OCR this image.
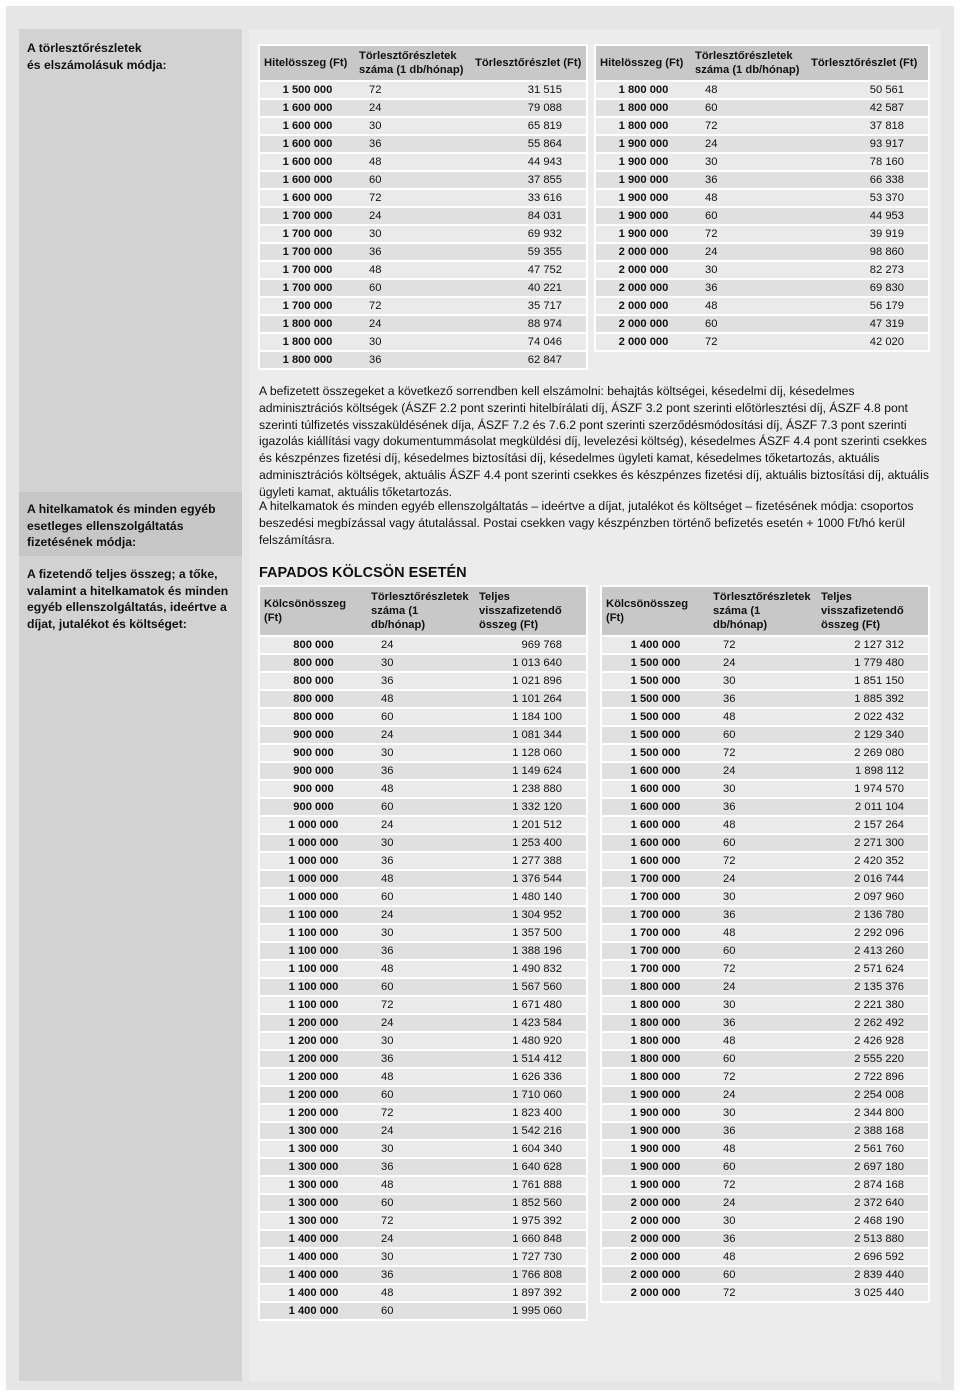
A törlesztőrészletek
és elszámolásuk módja:
A hitelkamatok és minden egyéb esetleges ellenszolgáltatás fizetésének módja:
A fizetendő teljes összeg; a tőke, valamint a hitelkamatok és minden egyéb ellenszolgáltatás, ideértve a díjat, jutalékot és költséget:
Hitelösszeg (Ft)	Törlesztőrészletek száma (1 db/hónap)	Törlesztőrészlet (Ft)
1 500 000	72	31 515
1 600 000	24	79 088
1 600 000	30	65 819
1 600 000	36	55 864
1 600 000	48	44 943
1 600 000	60	37 855
1 600 000	72	33 616
1 700 000	24	84 031
1 700 000	30	69 932
1 700 000	36	59 355
1 700 000	48	47 752
1 700 000	60	40 221
1 700 000	72	35 717
1 800 000	24	88 974
1 800 000	30	74 046
1 800 000	36	62 847
Hitelösszeg (Ft)	Törlesztőrészletek száma (1 db/hónap)	Törlesztőrészlet (Ft)
1 800 000	48	50 561
1 800 000	60	42 587
1 800 000	72	37 818
1 900 000	24	93 917
1 900 000	30	78 160
1 900 000	36	66 338
1 900 000	48	53 370
1 900 000	60	44 953
1 900 000	72	39 919
2 000 000	24	98 860
2 000 000	30	82 273
2 000 000	36	69 830
2 000 000	48	56 179
2 000 000	60	47 319
2 000 000	72	42 020
A befizetett összegeket a következő sorrendben kell elszámolni: behajtás költségei, késedelmi díj, késedelmes adminisztrációs költségek (ÁSZF 2.2 pont szerinti hitelbírálati díj, ÁSZF 3.2 pont szerinti előtörlesztési díj, ÁSZF 4.8 pont szerinti túlfizetés visszaküldésének díja, ÁSZF 7.2 és 7.6.2 pont szerinti szerződésmódosítási díj, ÁSZF 7.3 pont szerinti igazolás kiállítási vagy dokumentummásolat megküldési díj, levelezési költség), késedelmes ÁSZF 4.4 pont szerinti csekkes és készpénzes fizetési díj, késedelmes biztosítási díj, késedelmes ügyleti kamat, késedelmes tőketartozás, aktuális adminisztrációs költségek, aktuális ÁSZF 4.4 pont szerinti csekkes és készpénzes fizetési díj, aktuális biztosítási díj, aktuális ügyleti kamat, aktuális tőketartozás.
A hitelkamatok és minden egyéb ellenszolgáltatás – ideértve a díjat, jutalékot és költséget – fizetésének módja: csoportos beszedési megbízással vagy átutalással. Postai csekken vagy készpénzben történő befizetés esetén + 1000 Ft/hó kerül felszámításra.
FAPADOS KÖLCSÖN ESETÉN
Kölcsönösszeg (Ft)	Törlesztőrészletek száma (1 db/hónap)	Teljes visszafizetendő összeg (Ft)
800 000	24	969 768
800 000	30	1 013 640
800 000	36	1 021 896
800 000	48	1 101 264
800 000	60	1 184 100
900 000	24	1 081 344
900 000	30	1 128 060
900 000	36	1 149 624
900 000	48	1 238 880
900 000	60	1 332 120
1 000 000	24	1 201 512
1 000 000	30	1 253 400
1 000 000	36	1 277 388
1 000 000	48	1 376 544
1 000 000	60	1 480 140
1 100 000	24	1 304 952
1 100 000	30	1 357 500
1 100 000	36	1 388 196
1 100 000	48	1 490 832
1 100 000	60	1 567 560
1 100 000	72	1 671 480
1 200 000	24	1 423 584
1 200 000	30	1 480 920
1 200 000	36	1 514 412
1 200 000	48	1 626 336
1 200 000	60	1 710 060
1 200 000	72	1 823 400
1 300 000	24	1 542 216
1 300 000	30	1 604 340
1 300 000	36	1 640 628
1 300 000	48	1 761 888
1 300 000	60	1 852 560
1 300 000	72	1 975 392
1 400 000	24	1 660 848
1 400 000	30	1 727 730
1 400 000	36	1 766 808
1 400 000	48	1 897 392
1 400 000	60	1 995 060
Kölcsönösszeg (Ft)	Törlesztőrészletek száma (1 db/hónap)	Teljes visszafizetendő összeg (Ft)
1 400 000	72	2 127 312
1 500 000	24	1 779 480
1 500 000	30	1 851 150
1 500 000	36	1 885 392
1 500 000	48	2 022 432
1 500 000	60	2 129 340
1 500 000	72	2 269 080
1 600 000	24	1 898 112
1 600 000	30	1 974 570
1 600 000	36	2 011 104
1 600 000	48	2 157 264
1 600 000	60	2 271 300
1 600 000	72	2 420 352
1 700 000	24	2 016 744
1 700 000	30	2 097 960
1 700 000	36	2 136 780
1 700 000	48	2 292 096
1 700 000	60	2 413 260
1 700 000	72	2 571 624
1 800 000	24	2 135 376
1 800 000	30	2 221 380
1 800 000	36	2 262 492
1 800 000	48	2 426 928
1 800 000	60	2 555 220
1 800 000	72	2 722 896
1 900 000	24	2 254 008
1 900 000	30	2 344 800
1 900 000	36	2 388 168
1 900 000	48	2 561 760
1 900 000	60	2 697 180
1 900 000	72	2 874 168
2 000 000	24	2 372 640
2 000 000	30	2 468 190
2 000 000	36	2 513 880
2 000 000	48	2 696 592
2 000 000	60	2 839 440
2 000 000	72	3 025 440
